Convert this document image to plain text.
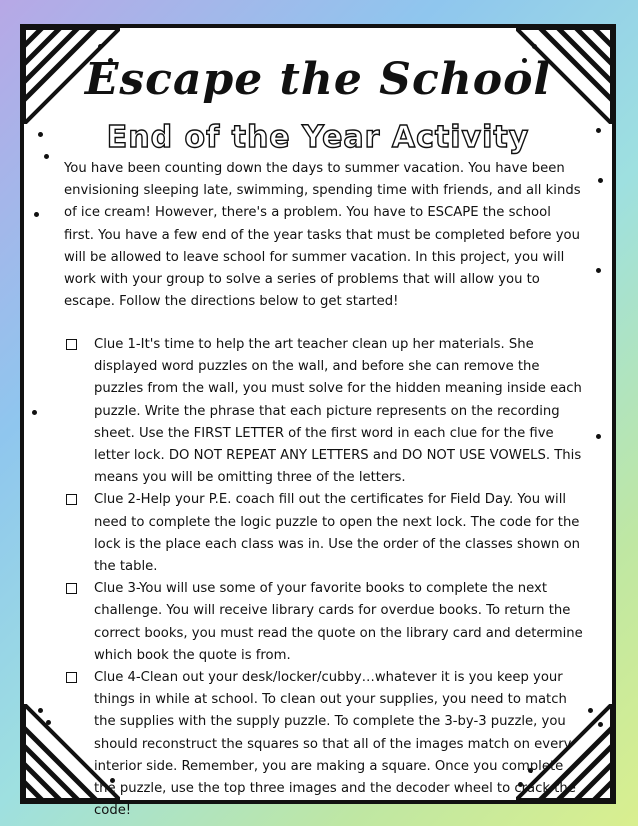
Escape the School
End of the Year Activity

You have been counting down the days to summer vacation. You have been envisioning sleeping late, swimming, spending time with friends, and all kinds of ice cream! However, there's a problem. You have to ESCAPE the school first. You have a few end of the year tasks that must be completed before you will be allowed to leave school for summer vacation. In this project, you will work with your group to solve a series of problems that will allow you to escape. Follow the directions below to get started!

Clue 1-It's time to help the art teacher clean up her materials. She displayed word puzzles on the wall, and before she can remove the puzzles from the wall, you must solve for the hidden meaning inside each puzzle. Write the phrase that each picture represents on the recording sheet. Use the FIRST LETTER of the first word in each clue for the five letter lock. DO NOT REPEAT ANY LETTERS and DO NOT USE VOWELS. This means you will be omitting three of the letters.
Clue 2-Help your P.E. coach fill out the certificates for Field Day. You will need to complete the logic puzzle to open the next lock. The code for the lock is the place each class was in. Use the order of the classes shown on the table.
Clue 3-You will use some of your favorite books to complete the next challenge. You will receive library cards for overdue books. To return the correct books, you must read the quote on the library card and determine which book the quote is from.
Clue 4-Clean out your desk/locker/cubby…whatever it is you keep your things in while at school. To clean out your supplies, you need to match the supplies with the supply puzzle. To complete the 3-by-3 puzzle, you should reconstruct the squares so that all of the images match on every interior side. Remember, you are making a square. Once you complete the puzzle, use the top three images and the decoder wheel to crack the code!
